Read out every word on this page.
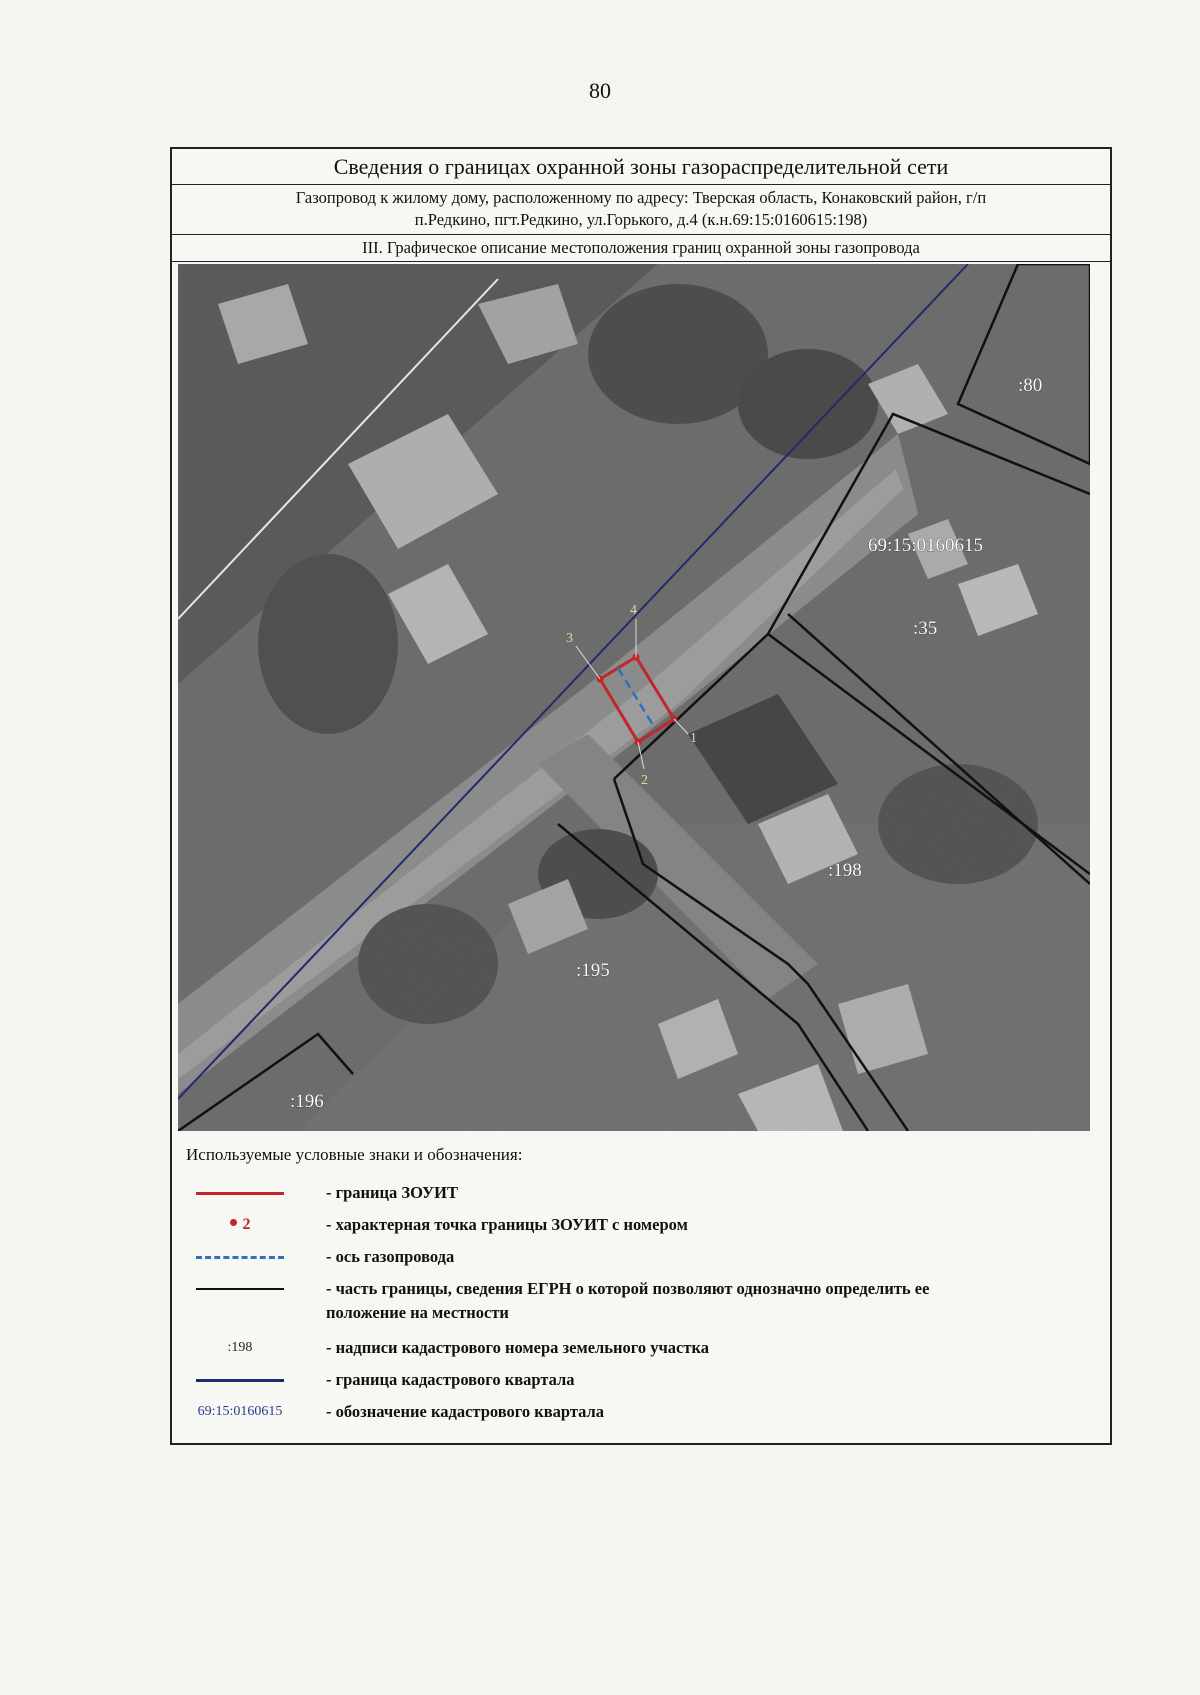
80
Сведения о границах охранной зоны газораспределительной сети
Газопровод к жилому дому, расположенному по адресу: Тверская область, Конаковский район, г/п
п.Редкино, пгт.Редкино, ул.Горького, д.4 (к.н.69:15:0160615:198)
III. Графическое описание местоположения границ охранной зоны газопровода
1
2
3
4
:80
69:15:0160615
:35
:198
:195
:196
Используемые условные знаки и обозначения:
- граница ЗОУИТ
2	- характерная точка границы ЗОУИТ с номером
- ось газопровода
- часть границы, сведения ЕГРН о которой позволяют однозначно определить ее
положение на местности
:198	- надписи кадастрового номера земельного участка
- граница кадастрового квартала
69:15:0160615	- обозначение кадастрового квартала
